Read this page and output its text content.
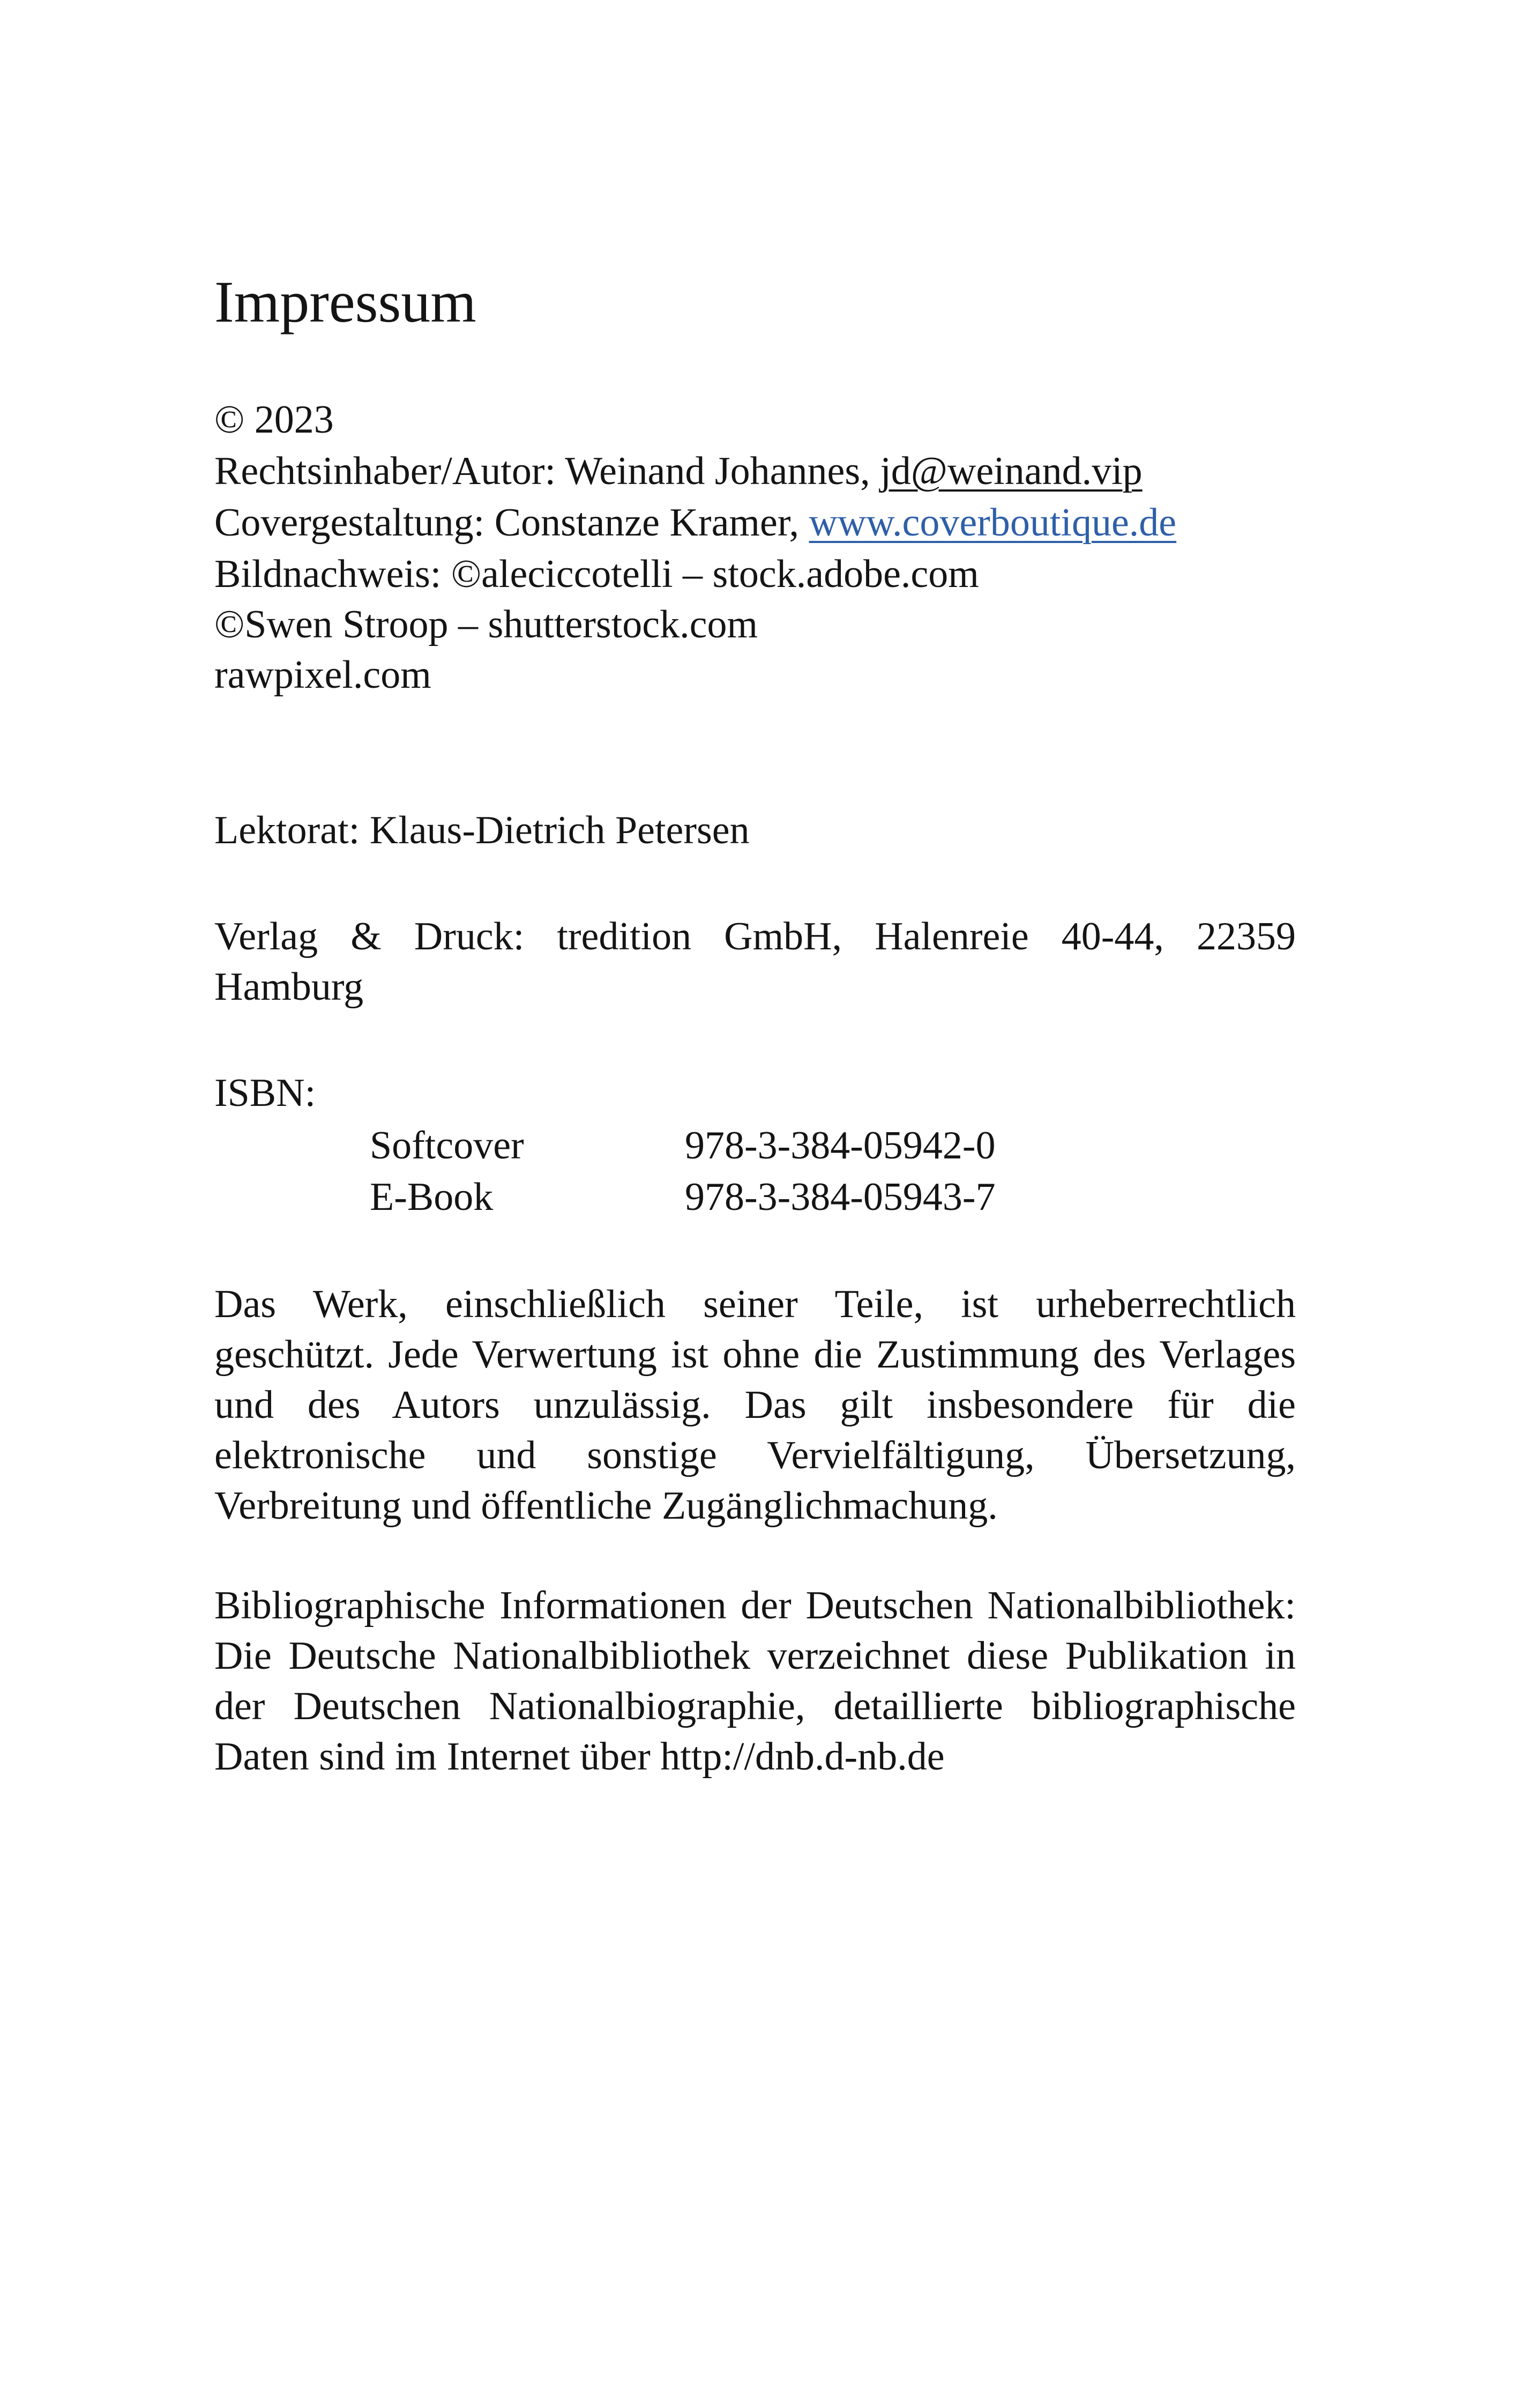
Impressum
© 2023
Rechtsinhaber/Autor: Weinand Johannes, jd@weinand.vip
Covergestaltung: Constanze Kramer, www.coverboutique.de
Bildnachweis: ©aleciccotelli – stock.adobe.com
©Swen Stroop – shutterstock.com
rawpixel.com
Lektorat: Klaus-Dietrich Petersen
Verlag & Druck: tredition GmbH, Halenreie 40-44, 22359
Hamburg
ISBN:
Softcover	978-3-384-05942-0
E-Book	978-3-384-05943-7
Das Werk, einschließlich seiner Teile, ist urheberrechtlich geschützt. Jede Verwertung ist ohne die Zustimmung des Verlages und des Autors unzulässig. Das gilt insbesondere für die elektronische und sonstige Vervielfältigung, Übersetzung, Verbreitung und öffentliche Zugänglichmachung.
Bibliographische Informationen der Deutschen Nationalbibliothek: Die Deutsche Nationalbibliothek verzeichnet diese Publikation in der Deutschen Nationalbiographie, detaillierte bibliographische Daten sind im Internet über http://dnb.d-nb.de
